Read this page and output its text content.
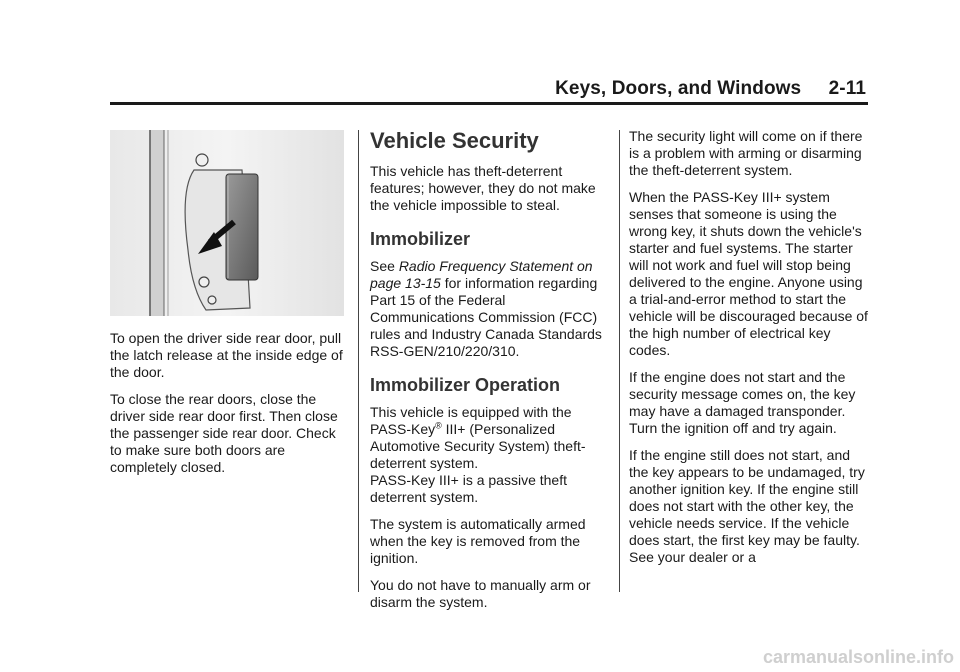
Keys, Doors, and Windows 2-11

To open the driver side rear door, pull the latch release at the inside edge of the door.

To close the rear doors, close the driver side rear door first. Then close the passenger side rear door. Check to make sure both doors are completely closed.

Vehicle Security

This vehicle has theft-deterrent features; however, they do not make the vehicle impossible to steal.

Immobilizer

See Radio Frequency Statement on page 13-15 for information regarding Part 15 of the Federal Communications Commission (FCC) rules and Industry Canada Standards RSS-GEN/210/220/310.

Immobilizer Operation

This vehicle is equipped with the PASS-Key® III+ (Personalized Automotive Security System) theft-deterrent system.

PASS-Key III+ is a passive theft deterrent system.

The system is automatically armed when the key is removed from the ignition.

You do not have to manually arm or disarm the system.

The security light will come on if there is a problem with arming or disarming the theft-deterrent system.

When the PASS-Key III+ system senses that someone is using the wrong key, it shuts down the vehicle's starter and fuel systems. The starter will not work and fuel will stop being delivered to the engine. Anyone using a trial-and-error method to start the vehicle will be discouraged because of the high number of electrical key codes.

If the engine does not start and the security message comes on, the key may have a damaged transponder. Turn the ignition off and try again.

If the engine still does not start, and the key appears to be undamaged, try another ignition key. If the engine still does not start with the other key, the vehicle needs service. If the vehicle does start, the first key may be faulty. See your dealer or a

carmanualsonline.info
